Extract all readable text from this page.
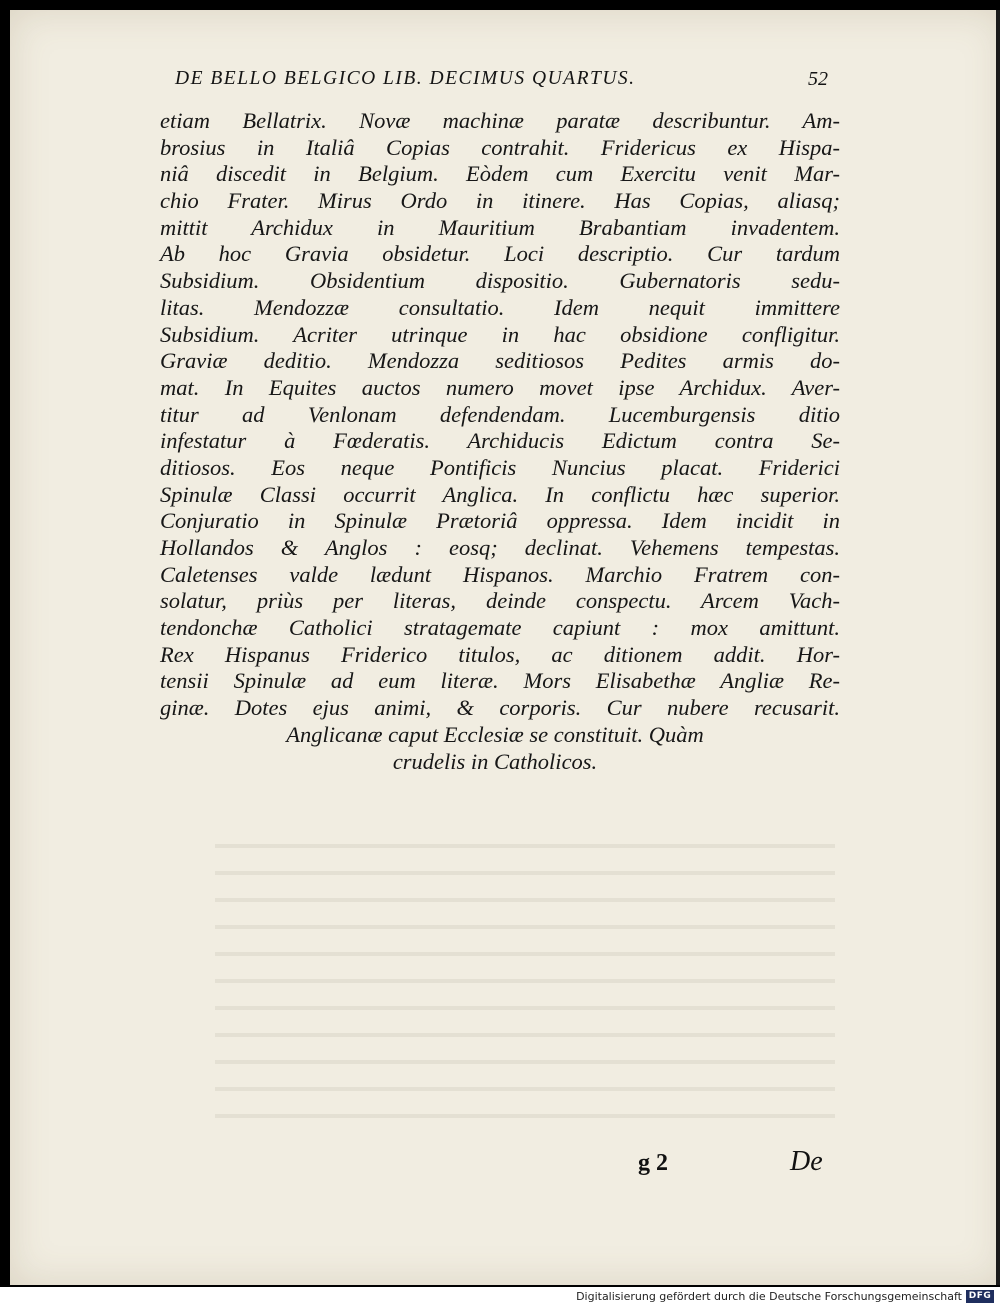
DE BELLO BELGICO LIB. DECIMUS QUARTUS.	52

etiam Bellatrix. Novæ machinæ paratæ describuntur. Am-
brosius in Italiâ Copias contrahit. Fridericus ex Hispa-
niâ discedit in Belgium. Eòdem cum Exercitu venit Mar-
chio Frater. Mirus Ordo in itinere. Has Copias, aliasq;
mittit Archidux in Mauritium Brabantiam invadentem.
Ab hoc Gravia obsidetur. Loci descriptio. Cur tardum
Subsidium. Obsidentium dispositio. Gubernatoris sedu-
litas. Mendozzæ consultatio. Idem nequit immittere
Subsidium. Acriter utrinque in hac obsidione confligitur.
Graviæ deditio. Mendozza seditiosos Pedites armis do-
mat. In Equites auctos numero movet ipse Archidux. Aver-
titur ad Venlonam defendendam. Lucemburgensis ditio
infestatur à Fœderatis. Archiducis Edictum contra Se-
ditiosos. Eos neque Pontificis Nuncius placat. Friderici
Spinulæ Classi occurrit Anglica. In conflictu hæc superior.
Conjuratio in Spinulæ Prætoriâ oppressa. Idem incidit in
Hollandos & Anglos : eosq; declinat. Vehemens tempestas.
Caletenses valde lædunt Hispanos. Marchio Fratrem con-
solatur, priùs per literas, deinde conspectu. Arcem Vach-
tendonchæ Catholici stratagemate capiunt : mox amittunt.
Rex Hispanus Friderico titulos, ac ditionem addit. Hor-
tensii Spinulæ ad eum literæ. Mors Elisabethæ Angliæ Re-
ginæ. Dotes ejus animi, & corporis. Cur nubere recusarit.
Anglicanæ caput Ecclesiæ se constituit. Quàm
crudelis in Catholicos.

g 2	De

Digitalisierung gefördert durch die Deutsche Forschungsgemeinschaft DFG
